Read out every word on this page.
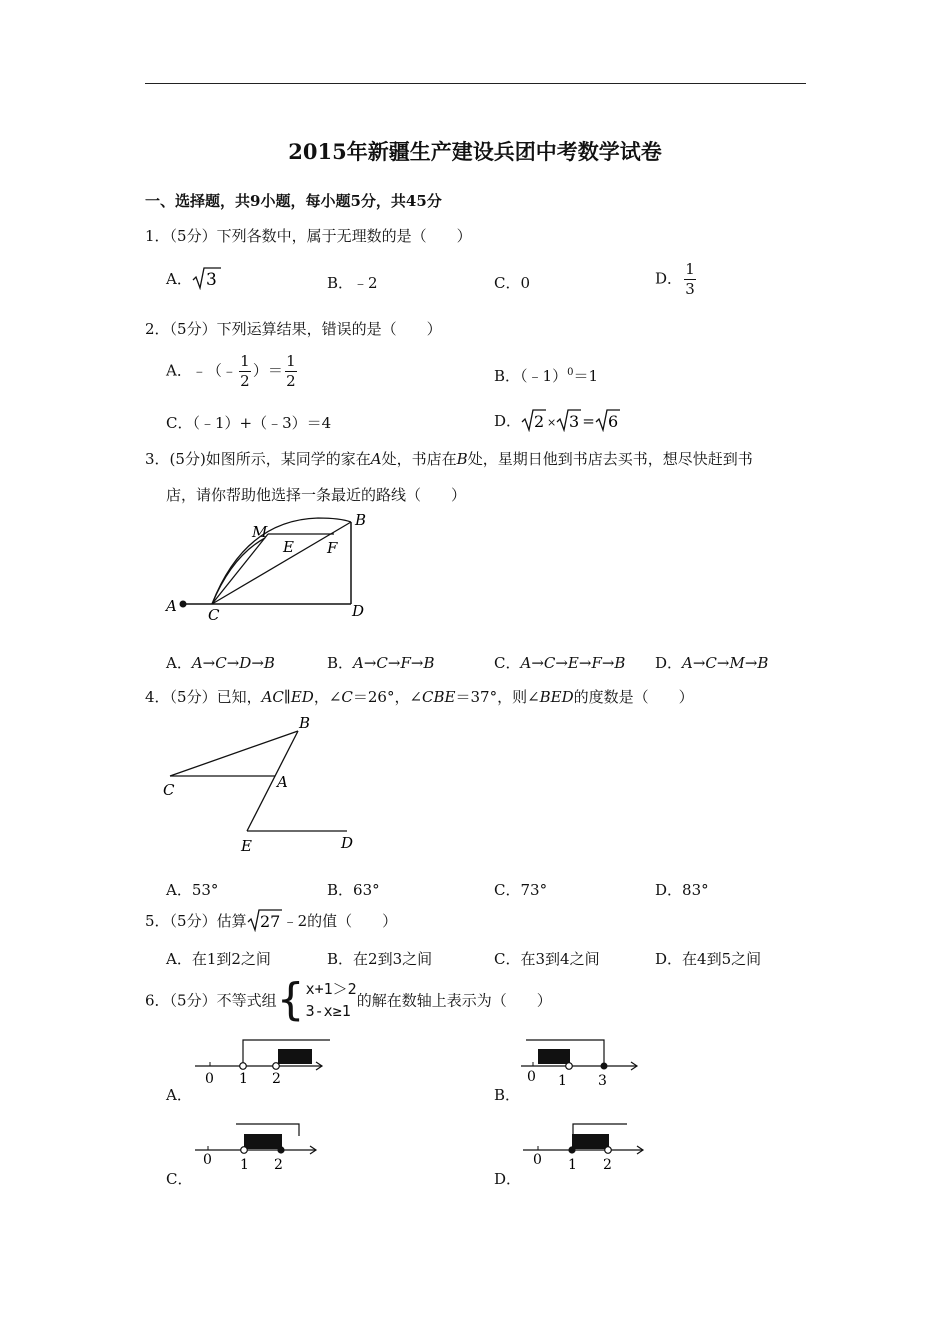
2015年新疆生产建设兵团中考数学试卷
一、选择题，共9小题，每小题5分，共45分
1．（5分）下列各数中，属于无理数的是（　　）
A． 3	B．﹣2	C．0	D． $\frac{1}{3}$
2．（5分）下列运算结果，错误的是（　　）
A．﹣（﹣ $\frac{1}{2}$ ）＝ $\frac{1}{2}$	B．（﹣1）$^0$＝1
C．（﹣1）+（﹣3）＝4	D． 2 × 3 = 6
3．(5分)如图所示，某同学的家在A处，书店在B处，星期日他到书店去买书，想尽快赶到书
店，请你帮助他选择一条最近的路线（　　）
M
E F
B
A C	D
A．A→C→D→B	B．A→C→F→B	C．A→C→E→F→B D．A→C→M→B
4．（5分）已知，AC∥ED，∠C＝26°，∠CBE＝37°，则∠BED的度数是（　　）
B
C	A
E	D
A．53°	B．63°	C．73°	D．83°
5．（5分）估算 27 ﹣2的值（　　）
A．在1到2之间	B．在2到3之间	C．在3到4之间	D．在4到5之间
6．（5分）不等式组 { x+1＞2
3-x≥1
的解在数轴上表示为（　　）
A．
0 1 2
B．
0 1 3
C．
0 1 2
D．
0 1 2
